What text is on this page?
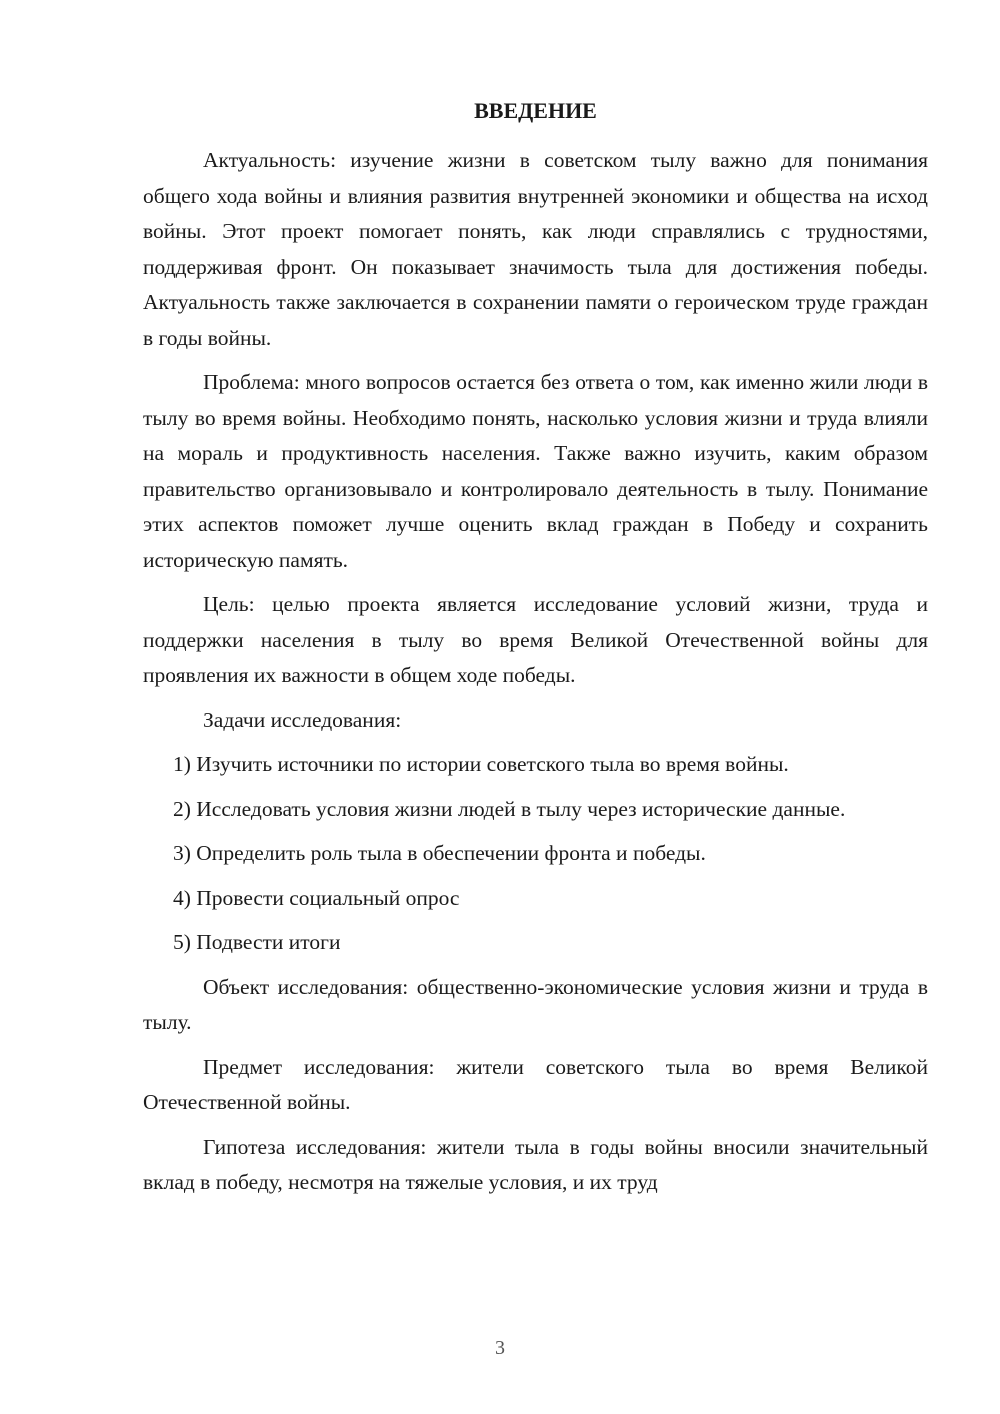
ВВЕДЕНИЕ

Актуальность: изучение жизни в советском тылу важно для понимания общего хода войны и влияния развития внутренней экономики и общества на исход войны. Этот проект помогает понять, как люди справлялись с трудностями, поддерживая фронт. Он показывает значимость тыла для достижения победы. Актуальность также заключается в сохранении памяти о героическом труде граждан в годы войны.

Проблема: много вопросов остается без ответа о том, как именно жили люди в тылу во время войны. Необходимо понять, насколько условия жизни и труда влияли на мораль и продуктивность населения. Также важно изучить, каким образом правительство организовывало и контролировало деятельность в тылу. Понимание этих аспектов поможет лучше оценить вклад граждан в Победу и сохранить историческую память.

Цель: целью проекта является исследование условий жизни, труда и поддержки населения в тылу во время Великой Отечественной войны для проявления их важности в общем ходе победы.

Задачи исследования:

1) Изучить источники по истории советского тыла во время войны.

2) Исследовать условия жизни людей в тылу через исторические данные.

3) Определить роль тыла в обеспечении фронта и победы.

4) Провести социальный опрос

5) Подвести итоги

Объект исследования: общественно-экономические условия жизни и труда в тылу.

Предмет исследования: жители советского тыла во время Великой Отечественной войны.

Гипотеза исследования: жители тыла в годы войны вносили значительный вклад в победу, несмотря на тяжелые условия, и их труд

3
